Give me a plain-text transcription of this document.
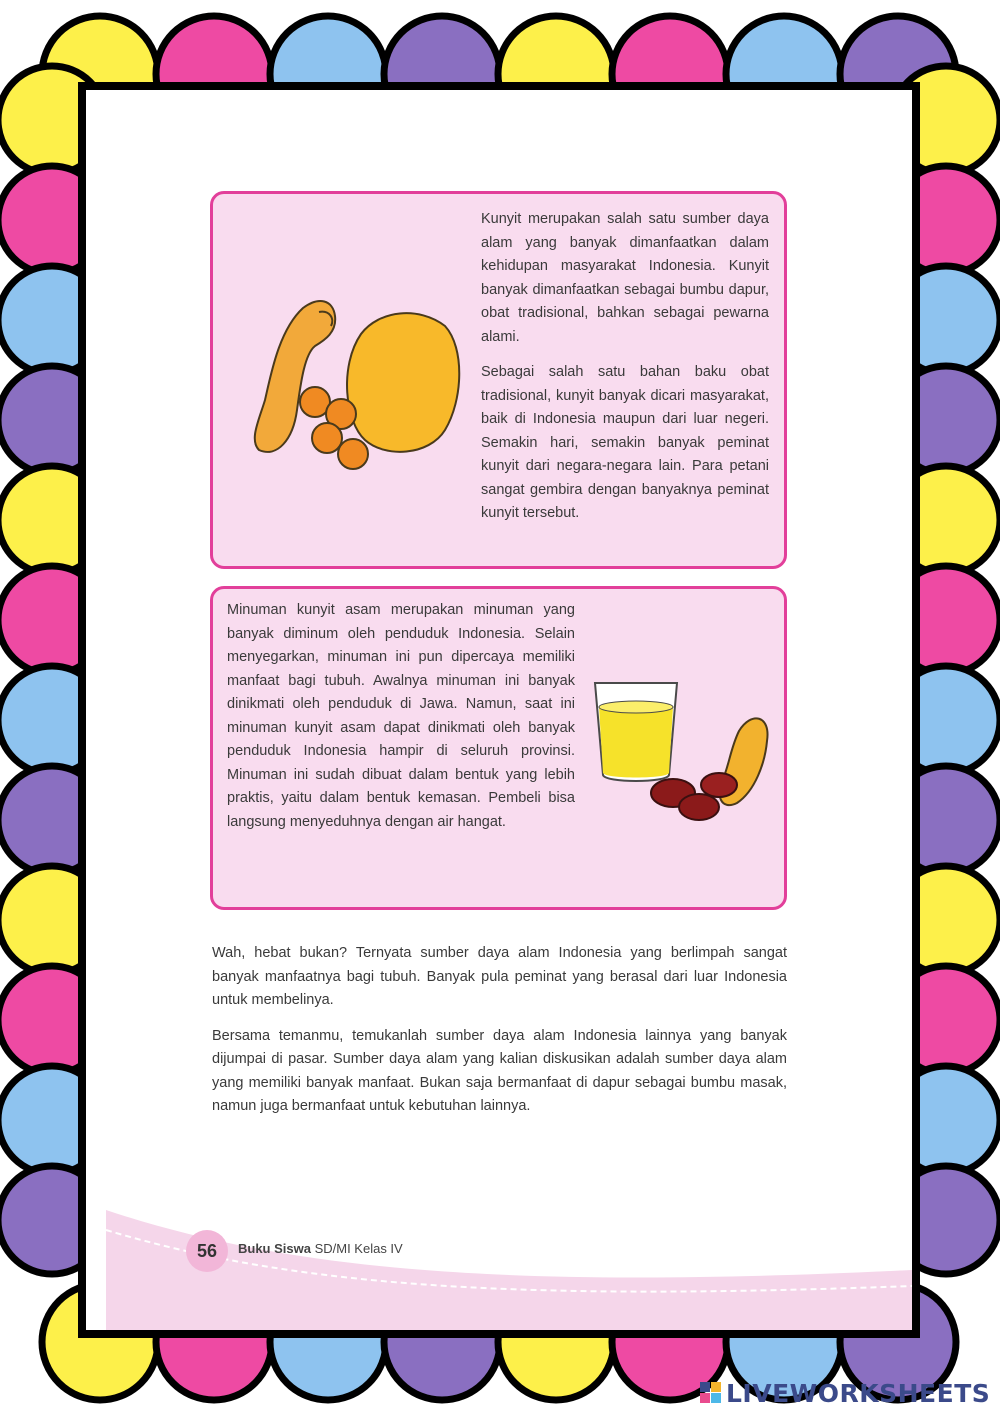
Kunyit merupakan salah satu sumber daya alam yang banyak dimanfaatkan dalam kehidupan masyarakat Indonesia. Kunyit banyak dimanfaatkan sebagai bumbu dapur, obat tradisional, bahkan sebagai pewarna alami.

Sebagai salah satu bahan baku obat tradisional, kunyit banyak dicari masyarakat, baik di Indonesia maupun dari luar negeri. Semakin hari, semakin banyak peminat kunyit dari negara-negara lain. Para petani sangat gembira dengan banyaknya peminat kunyit tersebut.

Minuman kunyit asam merupakan minuman yang banyak diminum oleh penduduk Indonesia. Selain menyegarkan, minuman ini pun dipercaya memiliki manfaat bagi tubuh. Awalnya minuman ini banyak dinikmati oleh penduduk di Jawa. Namun, saat ini minuman kunyit asam dapat dinikmati oleh banyak penduduk Indonesia hampir di seluruh provinsi. Minuman ini sudah dibuat dalam bentuk yang lebih praktis, yaitu dalam bentuk kemasan. Pembeli bisa langsung menyeduhnya dengan air hangat.

Wah, hebat bukan? Ternyata sumber daya alam Indonesia yang berlimpah sangat banyak manfaatnya bagi tubuh. Banyak pula peminat yang berasal dari luar Indonesia untuk membelinya.

Bersama temanmu, temukanlah sumber daya alam Indonesia lainnya yang banyak dijumpai di pasar. Sumber daya alam yang kalian diskusikan adalah sumber daya alam yang memiliki banyak manfaat. Bukan saja bermanfaat di dapur sebagai bumbu masak, namun juga bermanfaat untuk kebutuhan lainnya.

56	Buku Siswa SD/MI Kelas IV
LIVEWORKSHEETS
